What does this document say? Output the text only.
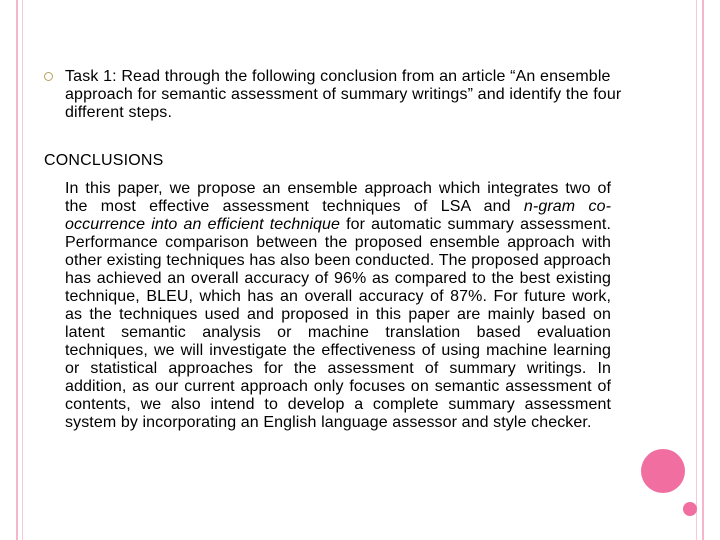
Task 1: Read through the following conclusion from an article “An ensemble approach for semantic assessment of summary writings” and identify the four different steps.
CONCLUSIONS
In this paper, we propose an ensemble approach which integrates two of the most effective assessment techniques of LSA and n-gram co-occurrence into an efficient technique for automatic summary assessment. Performance comparison between the proposed ensemble approach with other existing techniques has also been conducted. The proposed approach has achieved an overall accuracy of 96% as compared to the best existing technique, BLEU, which has an overall accuracy of 87%. For future work, as the techniques used and proposed in this paper are mainly based on latent semantic analysis or machine translation based evaluation techniques, we will investigate the effectiveness of using machine learning or statistical approaches for the assessment of summary writings. In addition, as our current approach only focuses on semantic assessment of contents, we also intend to develop a complete summary assessment system by incorporating an English language assessor and style checker.
